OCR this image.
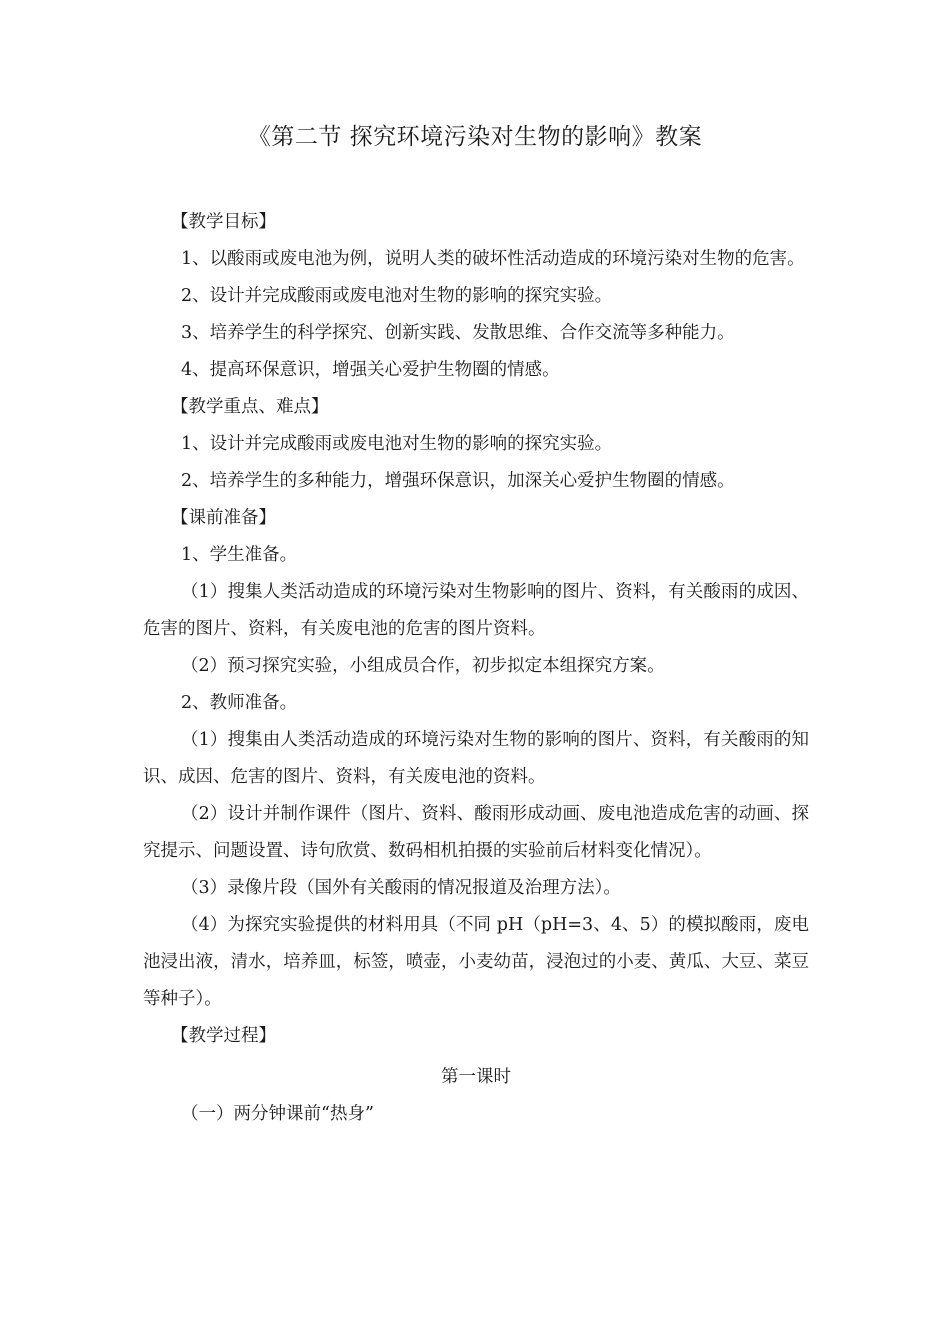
《第二节 探究环境污染对生物的影响》教案

【教学目标】

1、以酸雨或废电池为例，说明人类的破坏性活动造成的环境污染对生物的危害。

2、设计并完成酸雨或废电池对生物的影响的探究实验。

3、培养学生的科学探究、创新实践、发散思维、合作交流等多种能力。

4、提高环保意识，增强关心爱护生物圈的情感。

【教学重点、难点】

1、设计并完成酸雨或废电池对生物的影响的探究实验。

2、培养学生的多种能力，增强环保意识，加深关心爱护生物圈的情感。

【课前准备】

1、学生准备。

（1）搜集人类活动造成的环境污染对生物影响的图片、资料，有关酸雨的成因、危害的图片、资料，有关废电池的危害的图片资料。

（2）预习探究实验，小组成员合作，初步拟定本组探究方案。

2、教师准备。

（1）搜集由人类活动造成的环境污染对生物的影响的图片、资料，有关酸雨的知识、成因、危害的图片、资料，有关废电池的资料。

（2）设计并制作课件（图片、资料、酸雨形成动画、废电池造成危害的动画、探究提示、问题设置、诗句欣赏、数码相机拍摄的实验前后材料变化情况）。

（3）录像片段（国外有关酸雨的情况报道及治理方法）。

（4）为探究实验提供的材料用具（不同 pH（pH=3、4、5）的模拟酸雨，废电池浸出液，清水，培养皿，标签，喷壶，小麦幼苗，浸泡过的小麦、黄瓜、大豆、菜豆等种子）。

【教学过程】

第一课时

（一）两分钟课前“热身”
